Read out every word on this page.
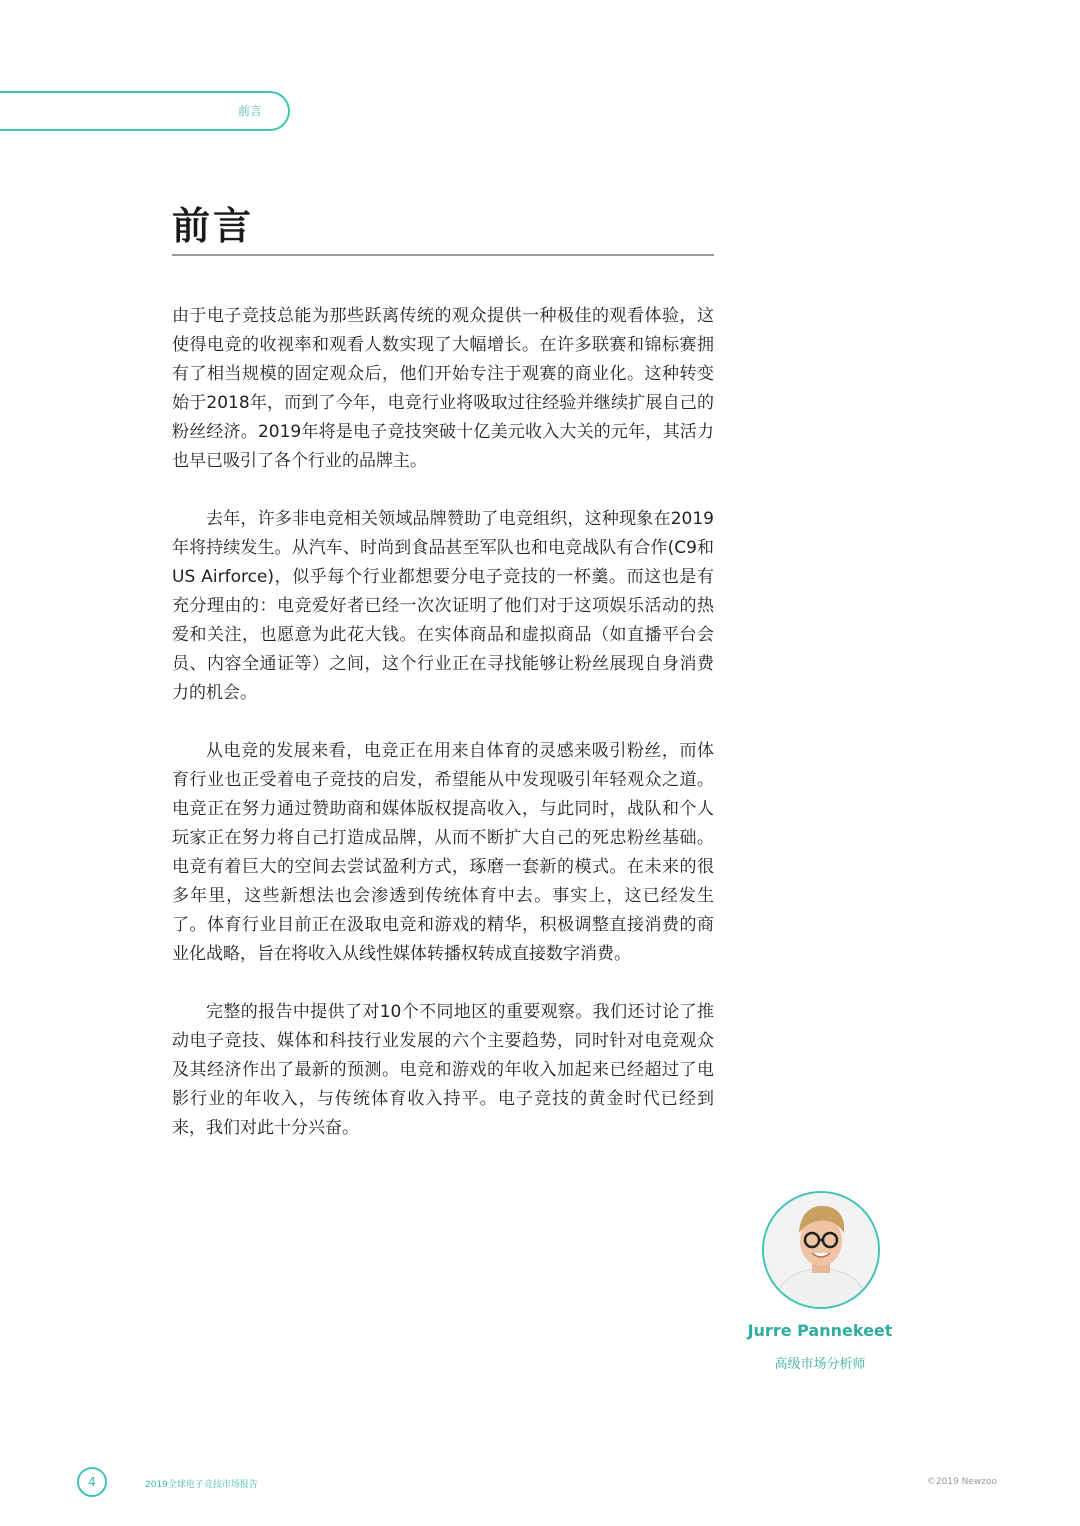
前言
前言

由于电子竞技总能为那些跃离传统的观众提供一种极佳的观看体验，这使得电竞的收视率和观看人数实现了大幅增长。在许多联赛和锦标赛拥有了相当规模的固定观众后，他们开始专注于观赛的商业化。这种转变始于2018年，而到了今年，电竞行业将吸取过往经验并继续扩展自己的粉丝经济。2019年将是电子竞技突破十亿美元收入大关的元年，其活力也早已吸引了各个行业的品牌主。

去年，许多非电竞相关领域品牌赞助了电竞组织，这种现象在2019年将持续发生。从汽车、时尚到食品甚至军队也和电竞战队有合作(C9和US Airforce)，似乎每个行业都想要分电子竞技的一杯羹。而这也是有充分理由的：电竞爱好者已经一次次证明了他们对于这项娱乐活动的热爱和关注，也愿意为此花大钱。在实体商品和虚拟商品（如直播平台会员、内容全通证等）之间，这个行业正在寻找能够让粉丝展现自身消费力的机会。

从电竞的发展来看，电竞正在用来自体育的灵感来吸引粉丝，而体育行业也正受着电子竞技的启发，希望能从中发现吸引年轻观众之道。电竞正在努力通过赞助商和媒体版权提高收入，与此同时，战队和个人玩家正在努力将自己打造成品牌，从而不断扩大自己的死忠粉丝基础。电竞有着巨大的空间去尝试盈利方式，琢磨一套新的模式。在未来的很多年里，这些新想法也会渗透到传统体育中去。事实上，这已经发生了。体育行业目前正在汲取电竞和游戏的精华，积极调整直接消费的商业化战略，旨在将收入从线性媒体转播权转成直接数字消费。

完整的报告中提供了对10个不同地区的重要观察。我们还讨论了推动电子竞技、媒体和科技行业发展的六个主要趋势，同时针对电竞观众及其经济作出了最新的预测。电竞和游戏的年收入加起来已经超过了电影行业的年收入，与传统体育收入持平。电子竞技的黄金时代已经到来，我们对此十分兴奋。

Jurre Pannekeet
高级市场分析师
4	2019全球电子竞技市场报告	©2019 Newzoo
